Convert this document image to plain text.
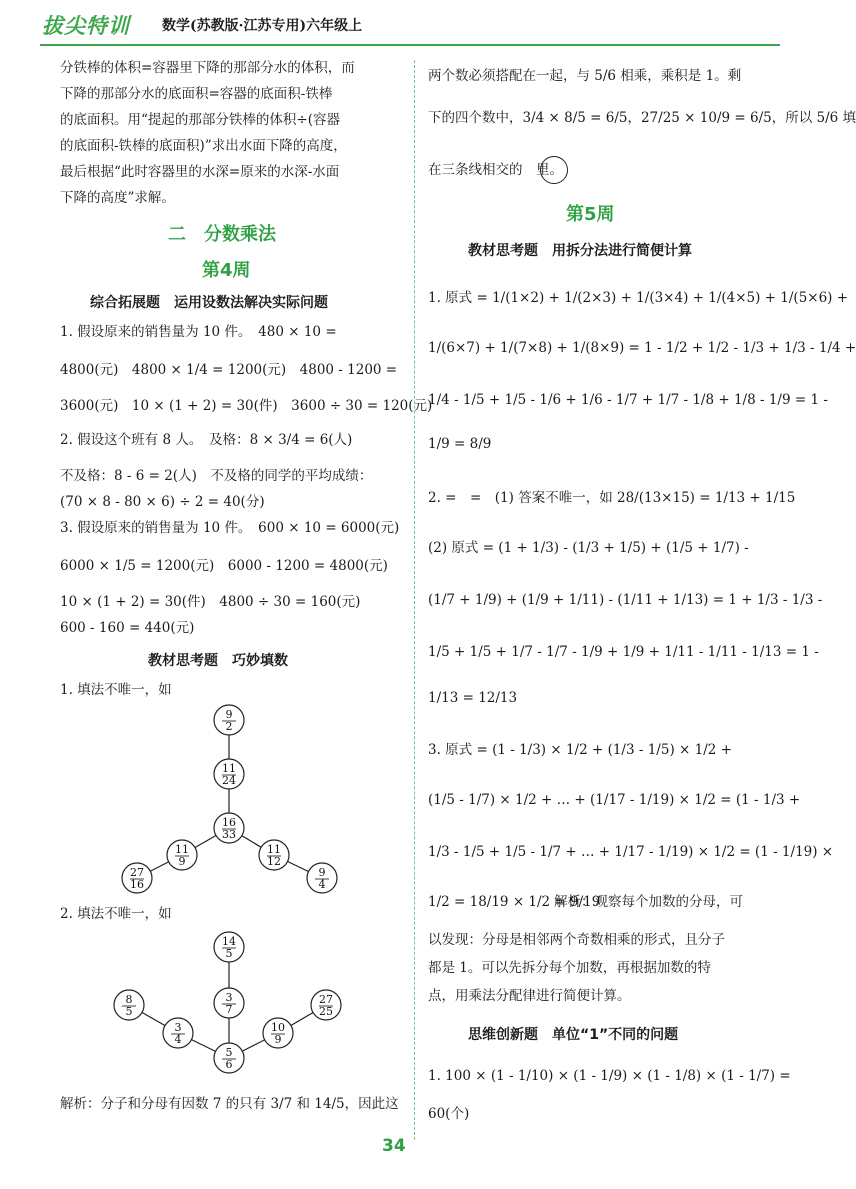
拔尖特训 数学(苏教版·江苏专用)六年级上
分铁棒的体积=容器里下降的那部分水的体积，而
下降的那部分水的底面积=容器的底面积-铁棒
的底面积。用“提起的那部分铁棒的体积÷(容器
的底面积-铁棒的底面积)”求出水面下降的高度，
最后根据“此时容器里的水深=原来的水深-水面
下降的高度”求解。
二　分数乘法
第4周
综合拓展题　运用设数法解决实际问题
1. 假设原来的销售量为 10 件。　480 × 10 =
4800(元)　4800 × 1/4 = 1200(元)　4800 - 1200 =
3600(元)　10 × (1 + 2) = 30(件)　3600 ÷ 30 = 120(元)
2. 假设这个班有 8 人。　及格：8 × 3/4 = 6(人)
不及格：8 - 6 = 2(人)　不及格的同学的平均成绩：
(70 × 8 - 80 × 6) ÷ 2 = 40(分)
3. 假设原来的销售量为 10 件。　600 × 10 = 6000(元)
6000 × 1/5 = 1200(元)　6000 - 1200 = 4800(元)
10 × (1 + 2) = 30(件)　4800 ÷ 30 = 160(元)
600 - 160 = 440(元)
教材思考题　巧妙填数
1. 填法不唯一，如
9
2
11
24
16
33
11
9
11
12
27
16
9
4
2. 填法不唯一，如
14
5
3
7
8
5
27
25
3
4
10
9
5
6
解析：分子和分母有因数 7 的只有 3/7 和 14/5，因此这
两个数必须搭配在一起，与 5/6 相乘，乘积是 1。剩
下的四个数中，3/4 × 8/5 = 6/5，27/25 × 10/9 = 6/5，所以 5/6 填
在三条线相交的　里。
第5周
教材思考题　用拆分法进行简便计算
1. 原式 = 1/(1×2) + 1/(2×3) + 1/(3×4) + 1/(4×5) + 1/(5×6) +
1/(6×7) + 1/(7×8) + 1/(8×9) = 1 - 1/2 + 1/2 - 1/3 + 1/3 - 1/4 +
1/4 - 1/5 + 1/5 - 1/6 + 1/6 - 1/7 + 1/7 - 1/8 + 1/8 - 1/9 = 1 -
1/9 = 8/9
2. =　=　(1) 答案不唯一，如 28/(13×15) = 1/13 + 1/15
(2) 原式 = (1 + 1/3) - (1/3 + 1/5) + (1/5 + 1/7) -
(1/7 + 1/9) + (1/9 + 1/11) - (1/11 + 1/13) = 1 + 1/3 - 1/3 -
1/5 + 1/5 + 1/7 - 1/7 - 1/9 + 1/9 + 1/11 - 1/11 - 1/13 = 1 -
1/13 = 12/13
3. 原式 = (1 - 1/3) × 1/2 + (1/3 - 1/5) × 1/2 +
(1/5 - 1/7) × 1/2 + … + (1/17 - 1/19) × 1/2 = (1 - 1/3 +
1/3 - 1/5 + 1/5 - 1/7 + … + 1/17 - 1/19) × 1/2 = (1 - 1/19) ×
1/2 = 18/19 × 1/2 = 9/19
解析：观察每个加数的分母，可
以发现：分母是相邻两个奇数相乘的形式，且分子
都是 1。可以先拆分每个加数，再根据加数的特
点，用乘法分配律进行简便计算。
思维创新题　单位“1”不同的问题
1. 100 × (1 - 1/10) × (1 - 1/9) × (1 - 1/8) × (1 - 1/7) =
60(个)
34
